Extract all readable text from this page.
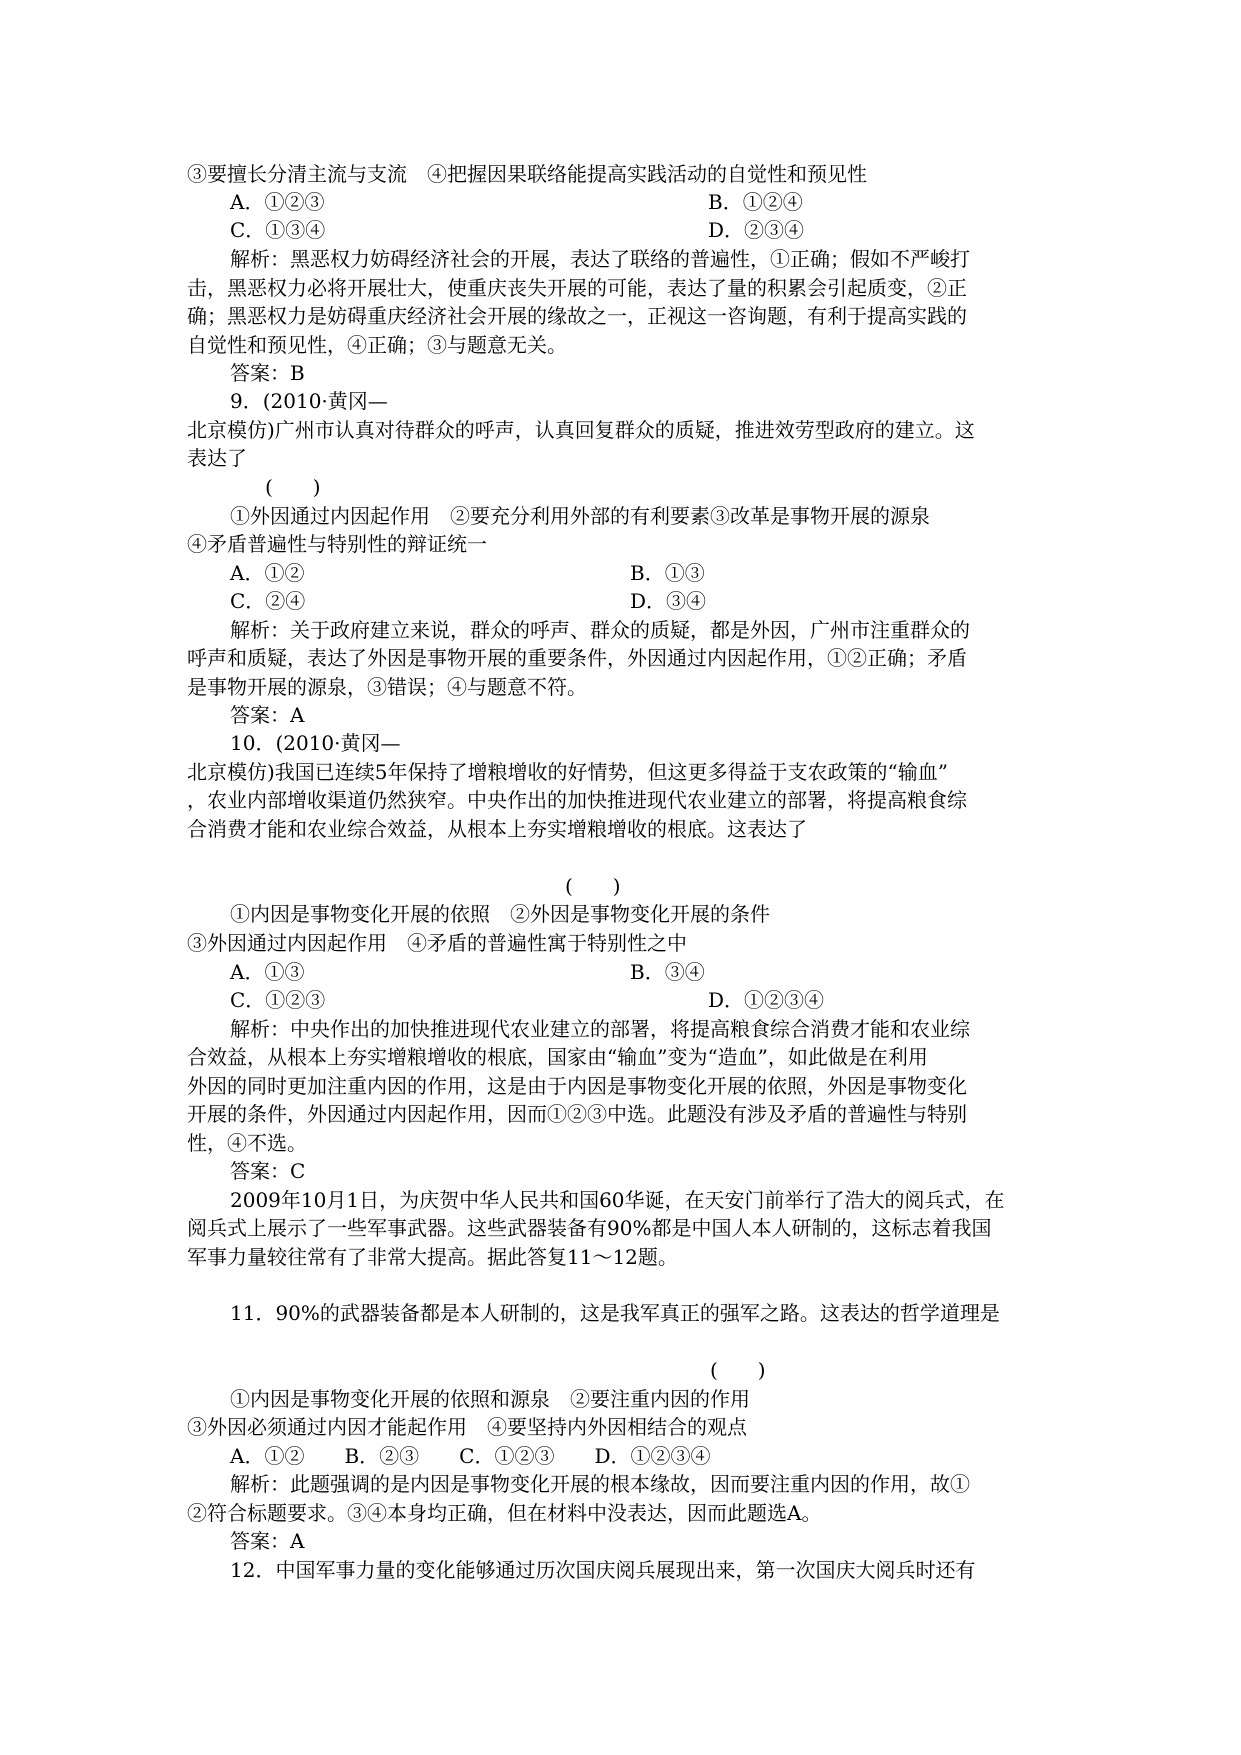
③要擅长分清主流与支流　④把握因果联络能提高实践活动的自觉性和预见性
A．①②③	B．①②④
C．①③④	D．②③④
解析：黑恶权力妨碍经济社会的开展，表达了联络的普遍性，①正确；假如不严峻打
击，黑恶权力必将开展壮大，使重庆丧失开展的可能，表达了量的积累会引起质变，②正
确；黑恶权力是妨碍重庆经济社会开展的缘故之一，正视这一咨询题，有利于提高实践的
自觉性和预见性，④正确；③与题意无关。
答案：B
9．(2010·黄冈—
北京模仿)广州市认真对待群众的呼声，认真回复群众的质疑，推进效劳型政府的建立。这
表达了
(　　)
①外因通过内因起作用　②要充分利用外部的有利要素③改革是事物开展的源泉
④矛盾普遍性与特别性的辩证统一
A．①②	B．①③
C．②④	D．③④
解析：关于政府建立来说，群众的呼声、群众的质疑，都是外因，广州市注重群众的
呼声和质疑，表达了外因是事物开展的重要条件，外因通过内因起作用，①②正确；矛盾
是事物开展的源泉，③错误；④与题意不符。
答案：A
10．(2010·黄冈—
北京模仿)我国已连续5年保持了增粮增收的好情势，但这更多得益于支农政策的“输血”
，农业内部增收渠道仍然狭窄。中央作出的加快推进现代农业建立的部署，将提高粮食综
合消费才能和农业综合效益，从根本上夯实增粮增收的根底。这表达了
(　　)
①内因是事物变化开展的依照　②外因是事物变化开展的条件
③外因通过内因起作用　④矛盾的普遍性寓于特别性之中
A．①③	B．③④
C．①②③	D．①②③④
解析：中央作出的加快推进现代农业建立的部署，将提高粮食综合消费才能和农业综
合效益，从根本上夯实增粮增收的根底，国家由“输血”变为“造血”，如此做是在利用
外因的同时更加注重内因的作用，这是由于内因是事物变化开展的依照，外因是事物变化
开展的条件，外因通过内因起作用，因而①②③中选。此题没有涉及矛盾的普遍性与特别
性，④不选。
答案：C
2009年10月1日，为庆贺中华人民共和国60华诞，在天安门前举行了浩大的阅兵式，在
阅兵式上展示了一些军事武器。这些武器装备有90%都是中国人本人研制的，这标志着我国
军事力量较往常有了非常大提高。据此答复11～12题。
11．90%的武器装备都是本人研制的，这是我军真正的强军之路。这表达的哲学道理是
(　　)
①内因是事物变化开展的依照和源泉　②要注重内因的作用
③外因必须通过内因才能起作用　④要坚持内外因相结合的观点
A．①②　　B．②③　　C．①②③　　D．①②③④
解析：此题强调的是内因是事物变化开展的根本缘故，因而要注重内因的作用，故①
②符合标题要求。③④本身均正确，但在材料中没表达，因而此题选A。
答案：A
12．中国军事力量的变化能够通过历次国庆阅兵展现出来，第一次国庆大阅兵时还有
